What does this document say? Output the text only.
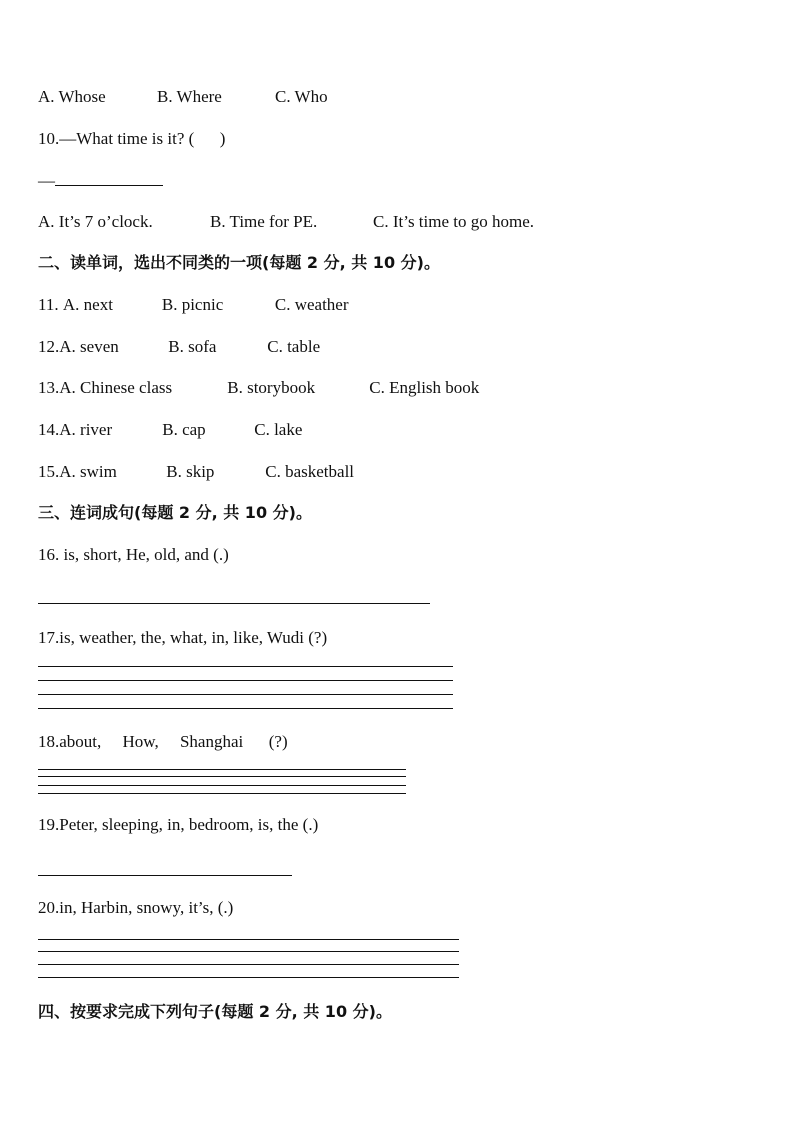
A. Whose	B. Where	C. Who
10.—What time is it? (      )
—
A. It’s 7 o’clock.	B. Time for PE.	C. It’s time to go home.
二、读单词，选出不同类的一项(每题 2 分, 共 10 分)。
11. A. next	B. picnic	C. weather
12.A. seven	B. sofa	C. table
13.A. Chinese class	B. storybook	C. English book
14.A. river	B. cap	C. lake
15.A. swim	B. skip	C. basketball
三、连词成句(每题 2 分, 共 10 分)。
16. is, short, He, old, and (.)
17.is, weather, the, what, in, like, Wudi (?)
18.about,     How,     Shanghai      (?)
19.Peter, sleeping, in, bedroom, is, the (.)
20.in, Harbin, snowy, it’s, (.)
四、按要求完成下列句子(每题 2 分, 共 10 分)。
